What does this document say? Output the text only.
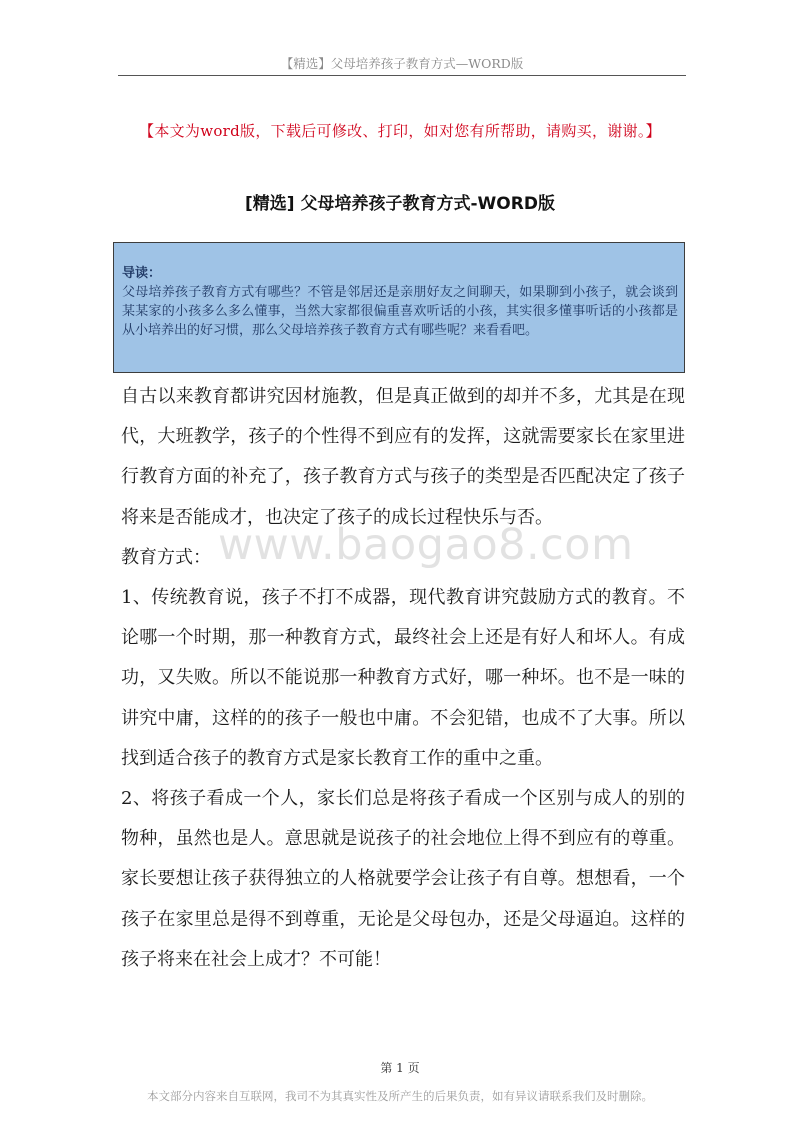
【精选】父母培养孩子教育方式—WORD版
【本文为word版，下载后可修改、打印，如对您有所帮助，请购买，谢谢。】
[精选] 父母培养孩子教育方式-WORD版
导读：
父母培养孩子教育方式有哪些？不管是邻居还是亲朋好友之间聊天，如果聊到小孩子，就会谈到某某家的小孩多么多么懂事，当然大家都很偏重喜欢听话的小孩，其实很多懂事听话的小孩都是从小培养出的好习惯，那么父母培养孩子教育方式有哪些呢？来看看吧。

自古以来教育都讲究因材施教，但是真正做到的却并不多，尤其是在现代，大班教学，孩子的个性得不到应有的发挥，这就需要家长在家里进行教育方面的补充了，孩子教育方式与孩子的类型是否匹配决定了孩子将来是否能成才，也决定了孩子的成长过程快乐与否。

教育方式：

1、传统教育说，孩子不打不成器，现代教育讲究鼓励方式的教育。不论哪一个时期，那一种教育方式，最终社会上还是有好人和坏人。有成功，又失败。所以不能说那一种教育方式好，哪一种坏。也不是一味的讲究中庸，这样的的孩子一般也中庸。不会犯错，也成不了大事。所以找到适合孩子的教育方式是家长教育工作的重中之重。

2、将孩子看成一个人，家长们总是将孩子看成一个区别与成人的别的物种，虽然也是人。意思就是说孩子的社会地位上得不到应有的尊重。家长要想让孩子获得独立的人格就要学会让孩子有自尊。想想看，一个孩子在家里总是得不到尊重，无论是父母包办，还是父母逼迫。这样的孩子将来在社会上成才？不可能！

www.baogao8.com
第 1 页
本文部分内容来自互联网，我司不为其真实性及所产生的后果负责，如有异议请联系我们及时删除。
